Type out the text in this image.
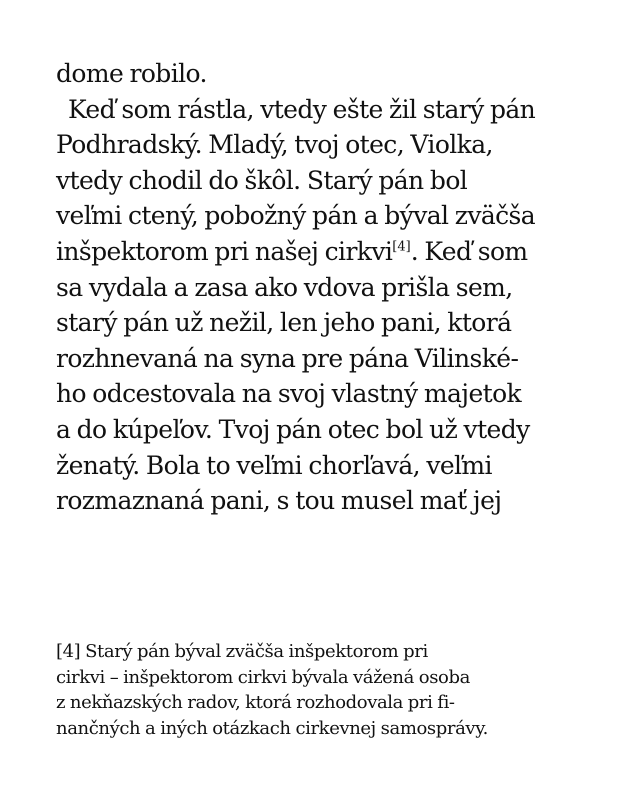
dome robilo.
Keď som rástla, vtedy ešte žil starý pán
Podhradský. Mladý, tvoj otec, Violka,
vtedy chodil do škôl. Starý pán bol
veľmi ctený, pobožný pán a býval zväčša
inšpektorom pri našej cirkvi[4]. Keď som
sa vydala a zasa ako vdova prišla sem,
starý pán už nežil, len jeho pani, ktorá
rozhnevaná na syna pre pána Vilinské-
ho odcestovala na svoj vlastný majetok
a do kúpeľov. Tvoj pán otec bol už vtedy
ženatý. Bola to veľmi chorľavá, veľmi
rozmaznaná pani, s tou musel mať jej
[4] Starý pán býval zväčša inšpektorom pri
cirkvi – inšpektorom cirkvi bývala vážená osoba
z nekňazských radov, ktorá rozhodovala pri fi-
nančných a iných otázkach cirkevnej samosprávy.
